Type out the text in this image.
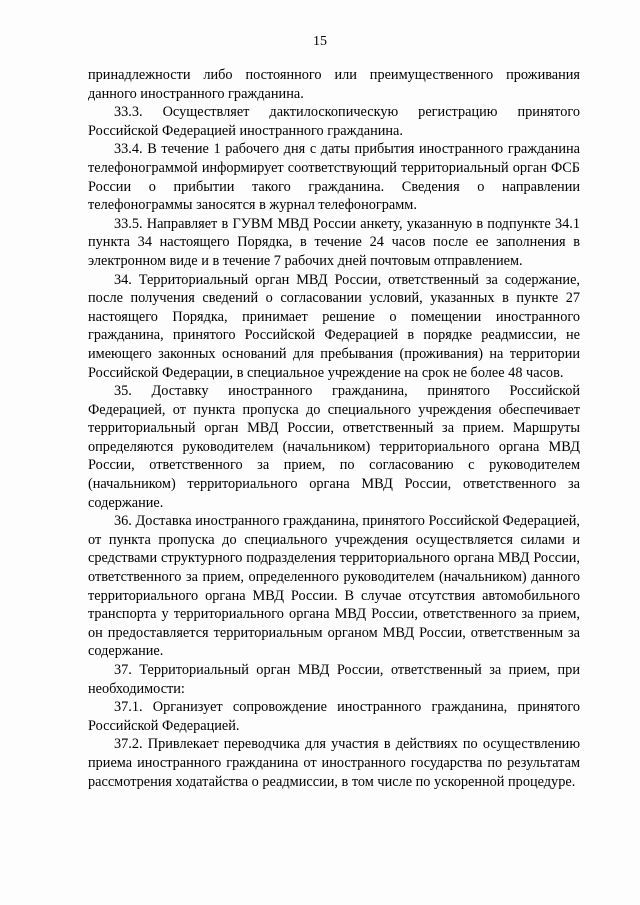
15

принадлежности либо постоянного или преимущественного проживания данного иностранного гражданина.

33.3. Осуществляет дактилоскопическую регистрацию принятого Российской Федерацией иностранного гражданина.

33.4. В течение 1 рабочего дня с даты прибытия иностранного гражданина телефонограммой информирует соответствующий территориальный орган ФСБ России о прибытии такого гражданина. Сведения о направлении телефонограммы заносятся в журнал телефонограмм.

33.5. Направляет в ГУВМ МВД России анкету, указанную в подпункте 34.1 пункта 34 настоящего Порядка, в течение 24 часов после ее заполнения в электронном виде и в течение 7 рабочих дней почтовым отправлением.

34. Территориальный орган МВД России, ответственный за содержание, после получения сведений о согласовании условий, указанных в пункте 27 настоящего Порядка, принимает решение о помещении иностранного гражданина, принятого Российской Федерацией в порядке реадмиссии, не имеющего законных оснований для пребывания (проживания) на территории Российской Федерации, в специальное учреждение на срок не более 48 часов.

35. Доставку иностранного гражданина, принятого Российской Федерацией, от пункта пропуска до специального учреждения обеспечивает территориальный орган МВД России, ответственный за прием. Маршруты определяются руководителем (начальником) территориального органа МВД России, ответственного за прием, по согласованию с руководителем (начальником) территориального органа МВД России, ответственного за содержание.

36. Доставка иностранного гражданина, принятого Российской Федерацией, от пункта пропуска до специального учреждения осуществляется силами и средствами структурного подразделения территориального органа МВД России, ответственного за прием, определенного руководителем (начальником) данного территориального органа МВД России. В случае отсутствия автомобильного транспорта у территориального органа МВД России, ответственного за прием, он предоставляется территориальным органом МВД России, ответственным за содержание.

37. Территориальный орган МВД России, ответственный за прием, при необходимости:

37.1. Организует сопровождение иностранного гражданина, принятого Российской Федерацией.

37.2. Привлекает переводчика для участия в действиях по осуществлению приема иностранного гражданина от иностранного государства по результатам рассмотрения ходатайства о реадмиссии, в том числе по ускоренной процедуре.
